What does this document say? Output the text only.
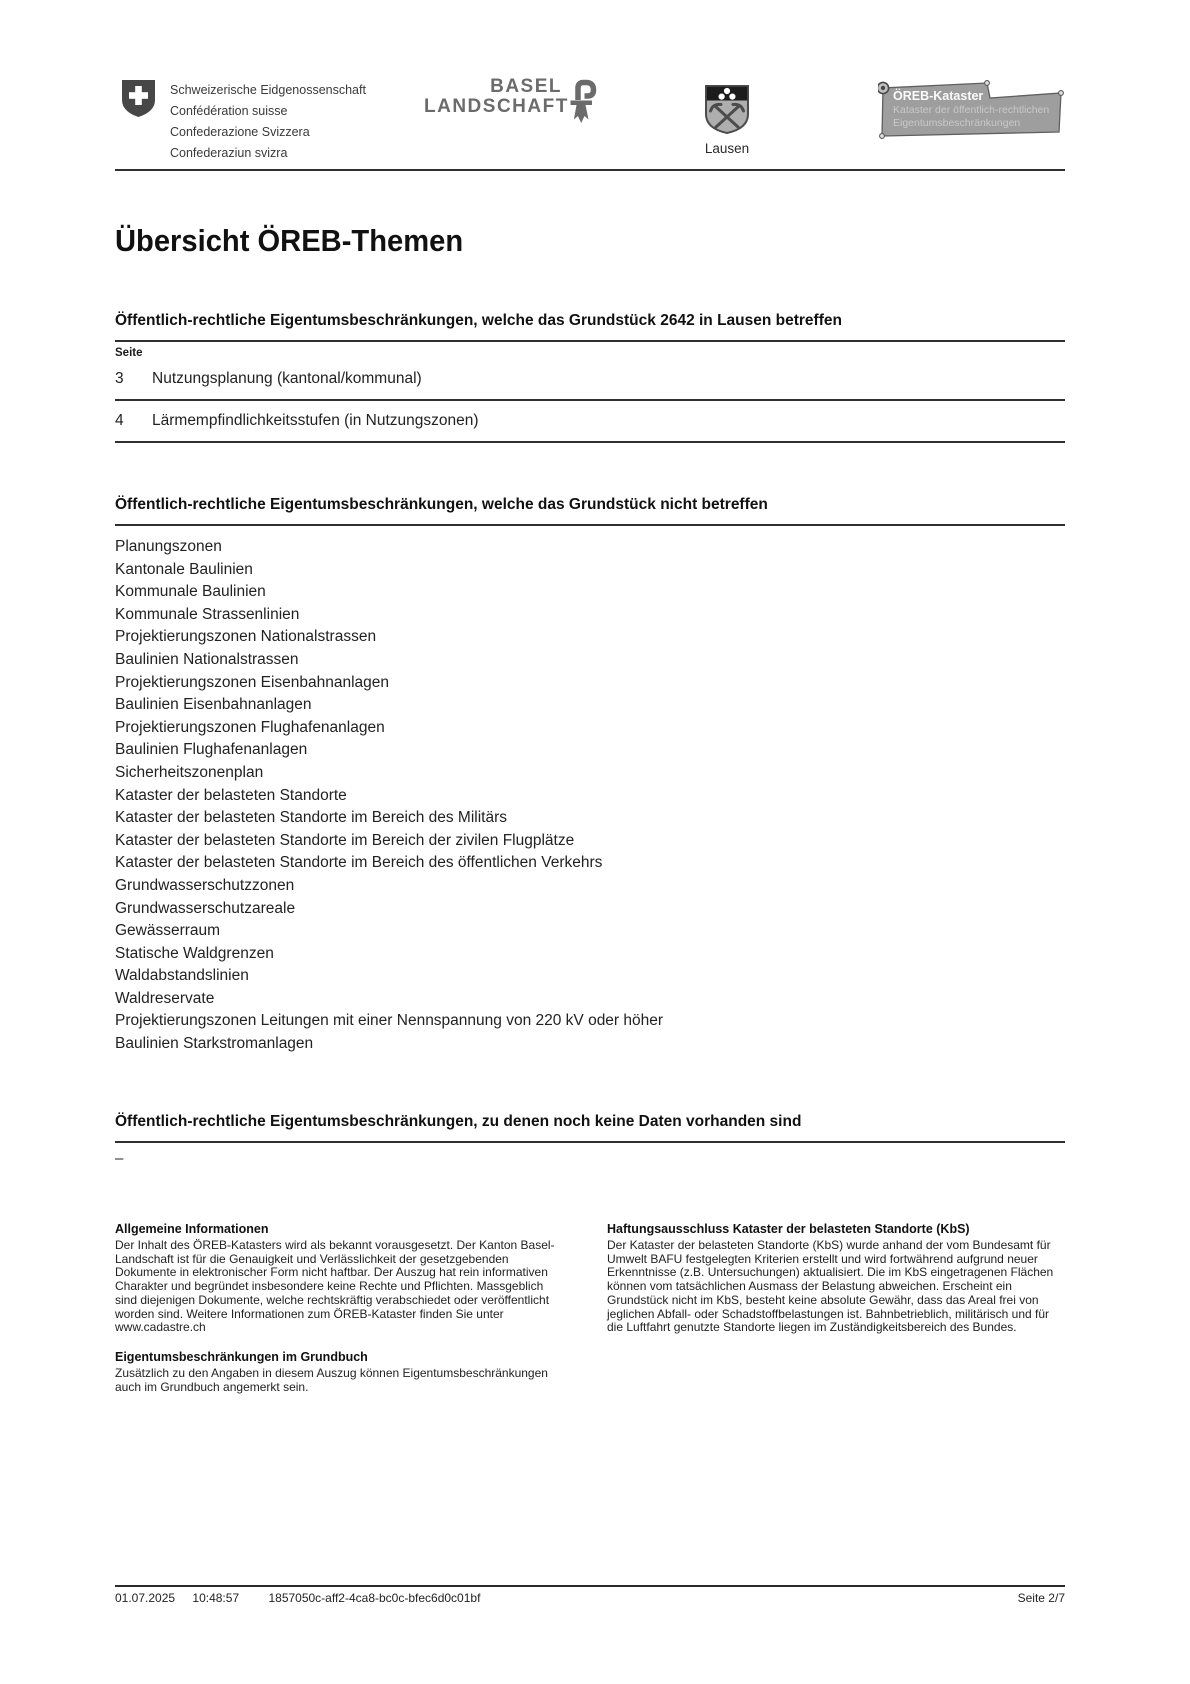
Schweizerische Eidgenossenschaft
Confédération suisse
Confederazione Svizzera
Confederaziun svizra
BASEL
LANDSCHAFT
Lausen
ÖREB-Kataster
Kataster der öffentlich-rechtlichen
Eigentumsbeschränkungen
Übersicht ÖREB-Themen
Öffentlich-rechtliche Eigentumsbeschränkungen, welche das Grundstück 2642 in Lausen betreffen
Seite
3	Nutzungsplanung (kantonal/kommunal)
4	Lärmempfindlichkeitsstufen (in Nutzungszonen)
Öffentlich-rechtliche Eigentumsbeschränkungen, welche das Grundstück nicht betreffen
Planungszonen
Kantonale Baulinien
Kommunale Baulinien
Kommunale Strassenlinien
Projektierungszonen Nationalstrassen
Baulinien Nationalstrassen
Projektierungszonen Eisenbahnanlagen
Baulinien Eisenbahnanlagen
Projektierungszonen Flughafenanlagen
Baulinien Flughafenanlagen
Sicherheitszonenplan
Kataster der belasteten Standorte
Kataster der belasteten Standorte im Bereich des Militärs
Kataster der belasteten Standorte im Bereich der zivilen Flugplätze
Kataster der belasteten Standorte im Bereich des öffentlichen Verkehrs
Grundwasserschutzzonen
Grundwasserschutzareale
Gewässerraum
Statische Waldgrenzen
Waldabstandslinien
Waldreservate
Projektierungszonen Leitungen mit einer Nennspannung von 220 kV oder höher
Baulinien Starkstromanlagen
Öffentlich-rechtliche Eigentumsbeschränkungen, zu denen noch keine Daten vorhanden sind
–
Allgemeine Informationen

Der Inhalt des ÖREB-Katasters wird als bekannt vorausgesetzt. Der Kanton Basel-Landschaft ist für die Genauigkeit und Verlässlichkeit der gesetzgebenden Dokumente in elektronischer Form nicht haftbar. Der Auszug hat rein informativen Charakter und begründet insbesondere keine Rechte und Pflichten. Massgeblich sind diejenigen Dokumente, welche rechtskräftig verabschiedet oder veröffentlicht worden sind. Weitere Informationen zum ÖREB-Kataster finden Sie unter www.cadastre.ch

Eigentumsbeschränkungen im Grundbuch

Zusätzlich zu den Angaben in diesem Auszug können Eigentumsbeschränkungen auch im Grundbuch angemerkt sein.

Haftungsausschluss Kataster der belasteten Standorte (KbS)

Der Kataster der belasteten Standorte (KbS) wurde anhand der vom Bundesamt für Umwelt BAFU festgelegten Kriterien erstellt und wird fortwährend aufgrund neuer Erkenntnisse (z.B. Untersuchungen) aktualisiert. Die im KbS eingetragenen Flächen können vom tatsächlichen Ausmass der Belastung abweichen. Erscheint ein Grundstück nicht im KbS, besteht keine absolute Gewähr, dass das Areal frei von jeglichen Abfall- oder Schadstoffbelastungen ist. Bahnbetrieblich, militärisch und für die Luftfahrt genutzte Standorte liegen im Zuständigkeitsbereich des Bundes.

01.07.2025 10:48:57 1857050c-aff2-4ca8-bc0c-bfec6d0c01bf	Seite 2/7
